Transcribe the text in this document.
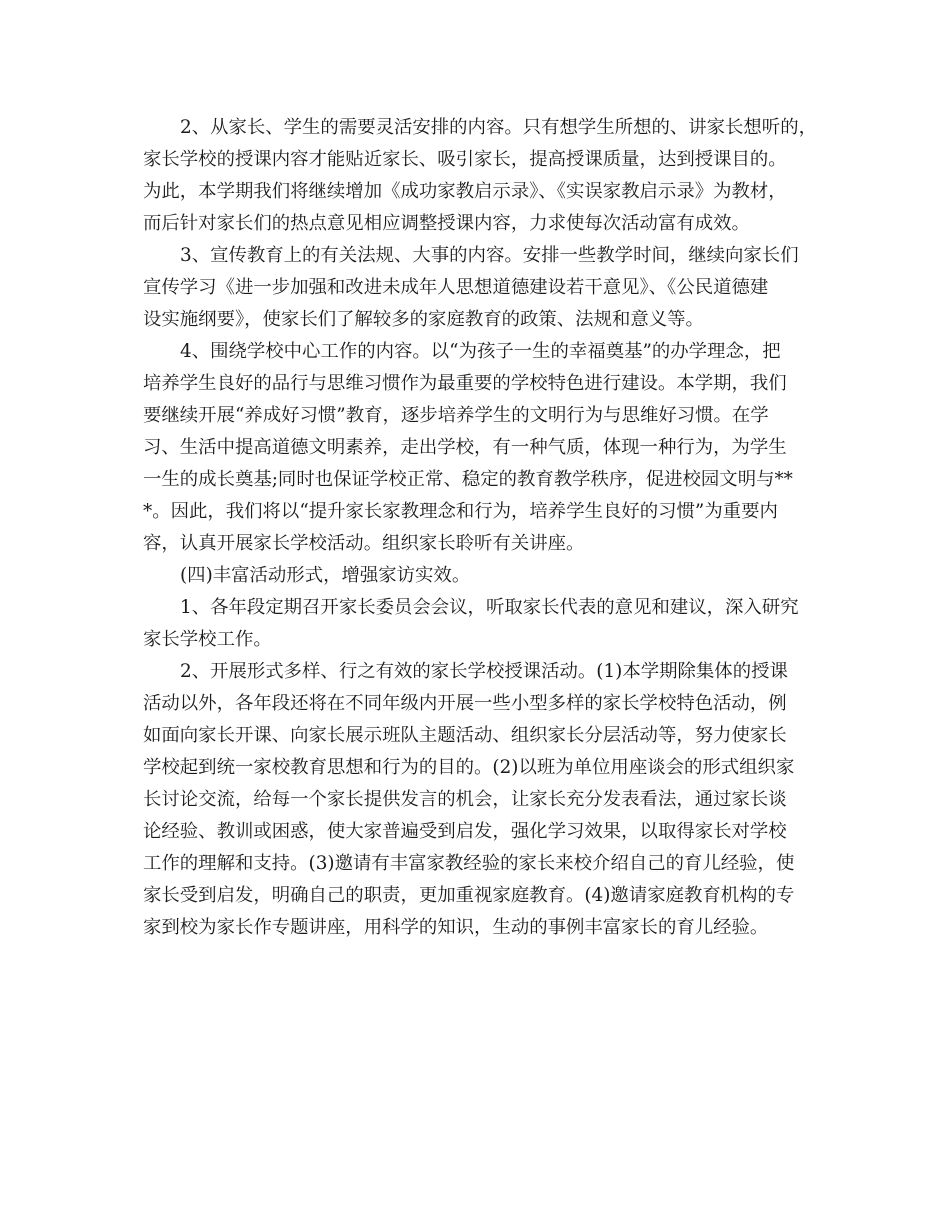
2、从家长、学生的需要灵活安排的内容。只有想学生所想的、讲家长想听的，
家长学校的授课内容才能贴近家长、吸引家长，提高授课质量，达到授课目的。
为此，本学期我们将继续增加《成功家教启示录》、《实误家教启示录》为教材，
而后针对家长们的热点意见相应调整授课内容，力求使每次活动富有成效。
3、宣传教育上的有关法规、大事的内容。安排一些教学时间，继续向家长们
宣传学习《进一步加强和改进未成年人思想道德建设若干意见》、《公民道德建
设实施纲要》，使家长们了解较多的家庭教育的政策、法规和意义等。
4、围绕学校中心工作的内容。以“为孩子一生的幸福奠基”的办学理念，把
培养学生良好的品行与思维习惯作为最重要的学校特色进行建设。本学期，我们
要继续开展“养成好习惯”教育，逐步培养学生的文明行为与思维好习惯。在学
习、生活中提高道德文明素养，走出学校，有一种气质，体现一种行为，为学生
一生的成长奠基;同时也保证学校正常、稳定的教育教学秩序，促进校园文明与**
*。因此，我们将以“提升家长家教理念和行为，培养学生良好的习惯”为重要内
容，认真开展家长学校活动。组织家长聆听有关讲座。
(四)丰富活动形式，增强家访实效。
1、各年段定期召开家长委员会会议，听取家长代表的意见和建议，深入研究
家长学校工作。
2、开展形式多样、行之有效的家长学校授课活动。(1)本学期除集体的授课
活动以外，各年段还将在不同年级内开展一些小型多样的家长学校特色活动，例
如面向家长开课、向家长展示班队主题活动、组织家长分层活动等，努力使家长
学校起到统一家校教育思想和行为的目的。(2)以班为单位用座谈会的形式组织家
长讨论交流，给每一个家长提供发言的机会，让家长充分发表看法，通过家长谈
论经验、教训或困惑，使大家普遍受到启发，强化学习效果，以取得家长对学校
工作的理解和支持。(3)邀请有丰富家教经验的家长来校介绍自己的育儿经验，使
家长受到启发，明确自己的职责，更加重视家庭教育。(4)邀请家庭教育机构的专
家到校为家长作专题讲座，用科学的知识，生动的事例丰富家长的育儿经验。
